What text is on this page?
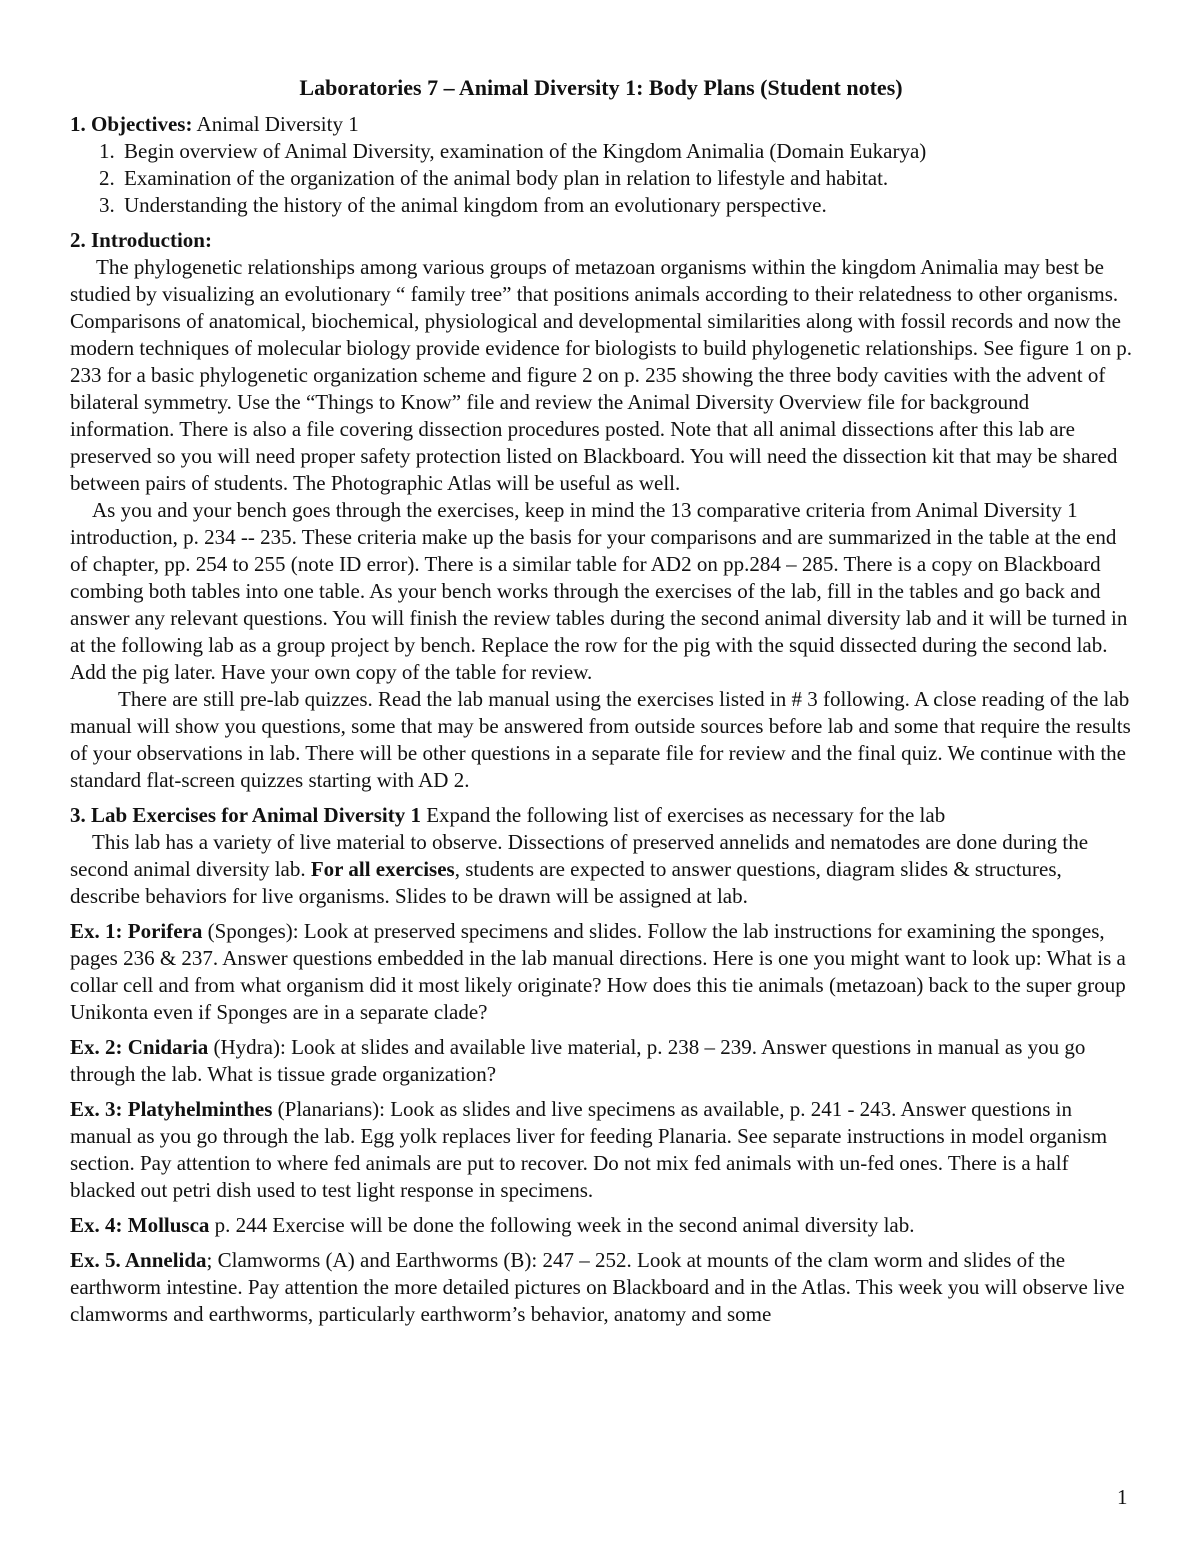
Laboratories 7 – Animal Diversity 1: Body Plans (Student notes)

1. Objectives: Animal Diversity 1

1. Begin overview of Animal Diversity, examination of the Kingdom Animalia (Domain Eukarya)
2. Examination of the organization of the animal body plan in relation to lifestyle and habitat.
3. Understanding the history of the animal kingdom from an evolutionary perspective.

2. Introduction:

The phylogenetic relationships among various groups of metazoan organisms within the kingdom Animalia may best be studied by visualizing an evolutionary “ family tree” that positions animals according to their relatedness to other organisms. Comparisons of anatomical, biochemical, physiological and developmental similarities along with fossil records and now the modern techniques of molecular biology provide evidence for biologists to build phylogenetic relationships. See figure 1 on p. 233 for a basic phylogenetic organization scheme and figure 2 on p. 235 showing the three body cavities with the advent of bilateral symmetry. Use the “Things to Know” file and review the Animal Diversity Overview file for background information. There is also a file covering dissection procedures posted. Note that all animal dissections after this lab are preserved so you will need proper safety protection listed on Blackboard. You will need the dissection kit that may be shared between pairs of students. The Photographic Atlas will be useful as well.

As you and your bench goes through the exercises, keep in mind the 13 comparative criteria from Animal Diversity 1 introduction, p. 234 -- 235. These criteria make up the basis for your comparisons and are summarized in the table at the end of chapter, pp. 254 to 255 (note ID error). There is a similar table for AD2 on pp.284 – 285. There is a copy on Blackboard combing both tables into one table. As your bench works through the exercises of the lab, fill in the tables and go back and answer any relevant questions. You will finish the review tables during the second animal diversity lab and it will be turned in at the following lab as a group project by bench. Replace the row for the pig with the squid dissected during the second lab. Add the pig later. Have your own copy of the table for review.

There are still pre-lab quizzes. Read the lab manual using the exercises listed in # 3 following. A close reading of the lab manual will show you questions, some that may be answered from outside sources before lab and some that require the results of your observations in lab. There will be other questions in a separate file for review and the final quiz. We continue with the standard flat-screen quizzes starting with AD 2.

3. Lab Exercises for Animal Diversity 1 Expand the following list of exercises as necessary for the lab

This lab has a variety of live material to observe. Dissections of preserved annelids and nematodes are done during the second animal diversity lab. For all exercises, students are expected to answer questions, diagram slides & structures, describe behaviors for live organisms. Slides to be drawn will be assigned at lab.

Ex. 1: Porifera (Sponges): Look at preserved specimens and slides. Follow the lab instructions for examining the sponges, pages 236 & 237. Answer questions embedded in the lab manual directions. Here is one you might want to look up: What is a collar cell and from what organism did it most likely originate? How does this tie animals (metazoan) back to the super group Unikonta even if Sponges are in a separate clade?

Ex. 2: Cnidaria (Hydra): Look at slides and available live material, p. 238 – 239. Answer questions in manual as you go through the lab. What is tissue grade organization?

Ex. 3: Platyhelminthes (Planarians): Look as slides and live specimens as available, p. 241 - 243. Answer questions in manual as you go through the lab. Egg yolk replaces liver for feeding Planaria. See separate instructions in model organism section. Pay attention to where fed animals are put to recover. Do not mix fed animals with un-fed ones. There is a half blacked out petri dish used to test light response in specimens.

Ex. 4: Mollusca p. 244 Exercise will be done the following week in the second animal diversity lab.

Ex. 5. Annelida; Clamworms (A) and Earthworms (B): 247 – 252. Look at mounts of the clam worm and slides of the earthworm intestine. Pay attention the more detailed pictures on Blackboard and in the Atlas. This week you will observe live clamworms and earthworms, particularly earthworm’s behavior, anatomy and some

1
